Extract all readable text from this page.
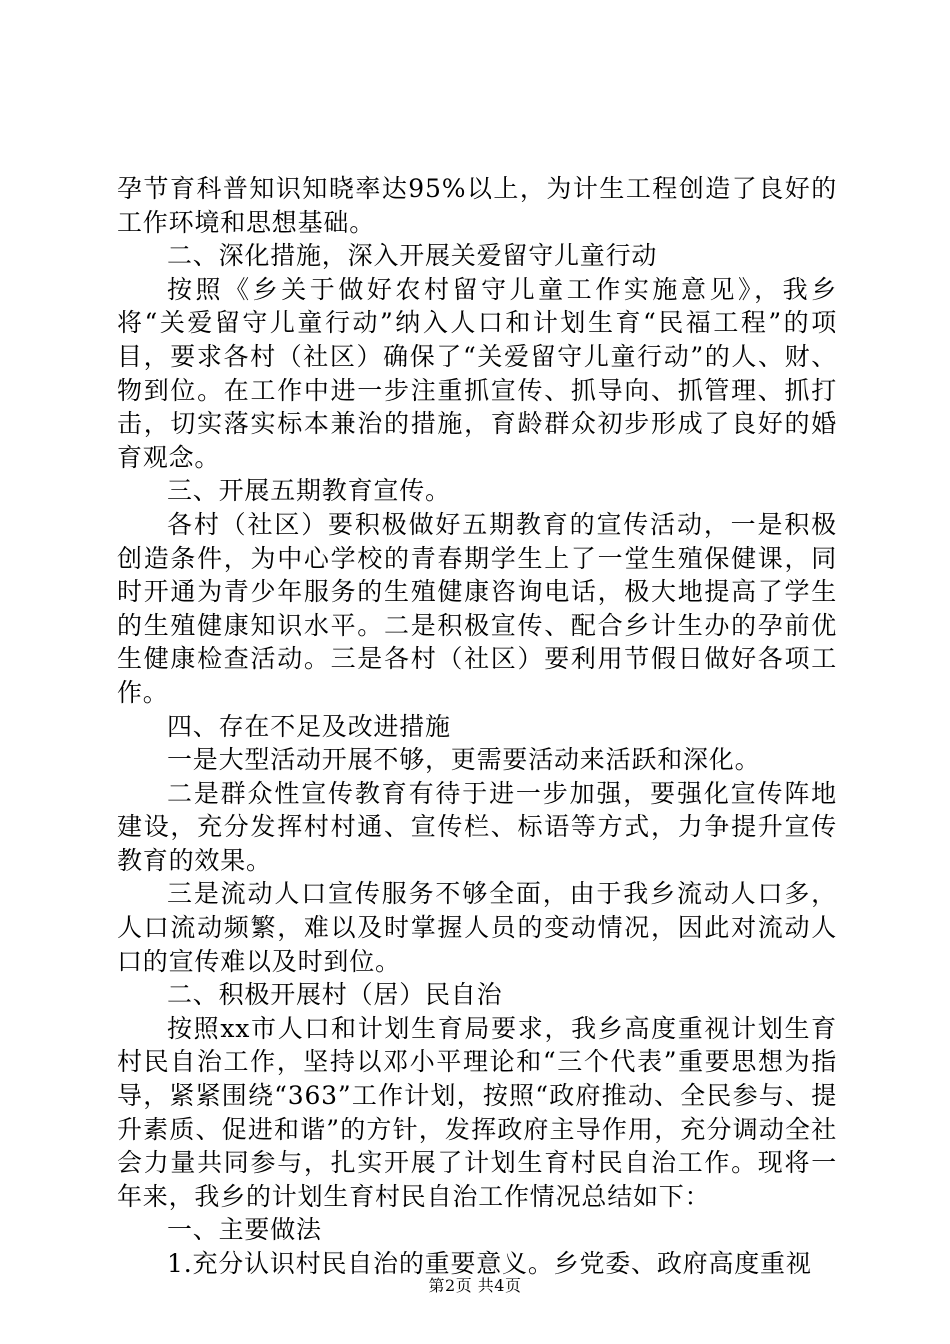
孕节育科普知识知晓率达95%以上，为计生工程创造了良好的工作环境和思想基础。

二、深化措施，深入开展关爱留守儿童行动

按照《乡关于做好农村留守儿童工作实施意见》，我乡将“关爱留守儿童行动”纳入人口和计划生育“民福工程”的项目，要求各村（社区）确保了“关爱留守儿童行动”的人、财、物到位。在工作中进一步注重抓宣传、抓导向、抓管理、抓打击，切实落实标本兼治的措施，育龄群众初步形成了良好的婚育观念。

三、开展五期教育宣传。

各村（社区）要积极做好五期教育的宣传活动，一是积极创造条件，为中心学校的青春期学生上了一堂生殖保健课，同时开通为青少年服务的生殖健康咨询电话，极大地提高了学生的生殖健康知识水平。二是积极宣传、配合乡计生办的孕前优生健康检查活动。三是各村（社区）要利用节假日做好各项工作。

四、存在不足及改进措施

一是大型活动开展不够，更需要活动来活跃和深化。

二是群众性宣传教育有待于进一步加强，要强化宣传阵地建设，充分发挥村村通、宣传栏、标语等方式，力争提升宣传教育的效果。

三是流动人口宣传服务不够全面，由于我乡流动人口多，人口流动频繁，难以及时掌握人员的变动情况，因此对流动人口的宣传难以及时到位。

二、积极开展村（居）民自治

按照xx市人口和计划生育局要求，我乡高度重视计划生育村民自治工作，坚持以邓小平理论和“三个代表”重要思想为指导，紧紧围绕“363”工作计划，按照“政府推动、全民参与、提升素质、促进和谐”的方针，发挥政府主导作用，充分调动全社会力量共同参与，扎实开展了计划生育村民自治工作。现将一年来，我乡的计划生育村民自治工作情况总结如下：

一、主要做法

1.充分认识村民自治的重要意义。乡党委、政府高度重视

第2页 共4页
